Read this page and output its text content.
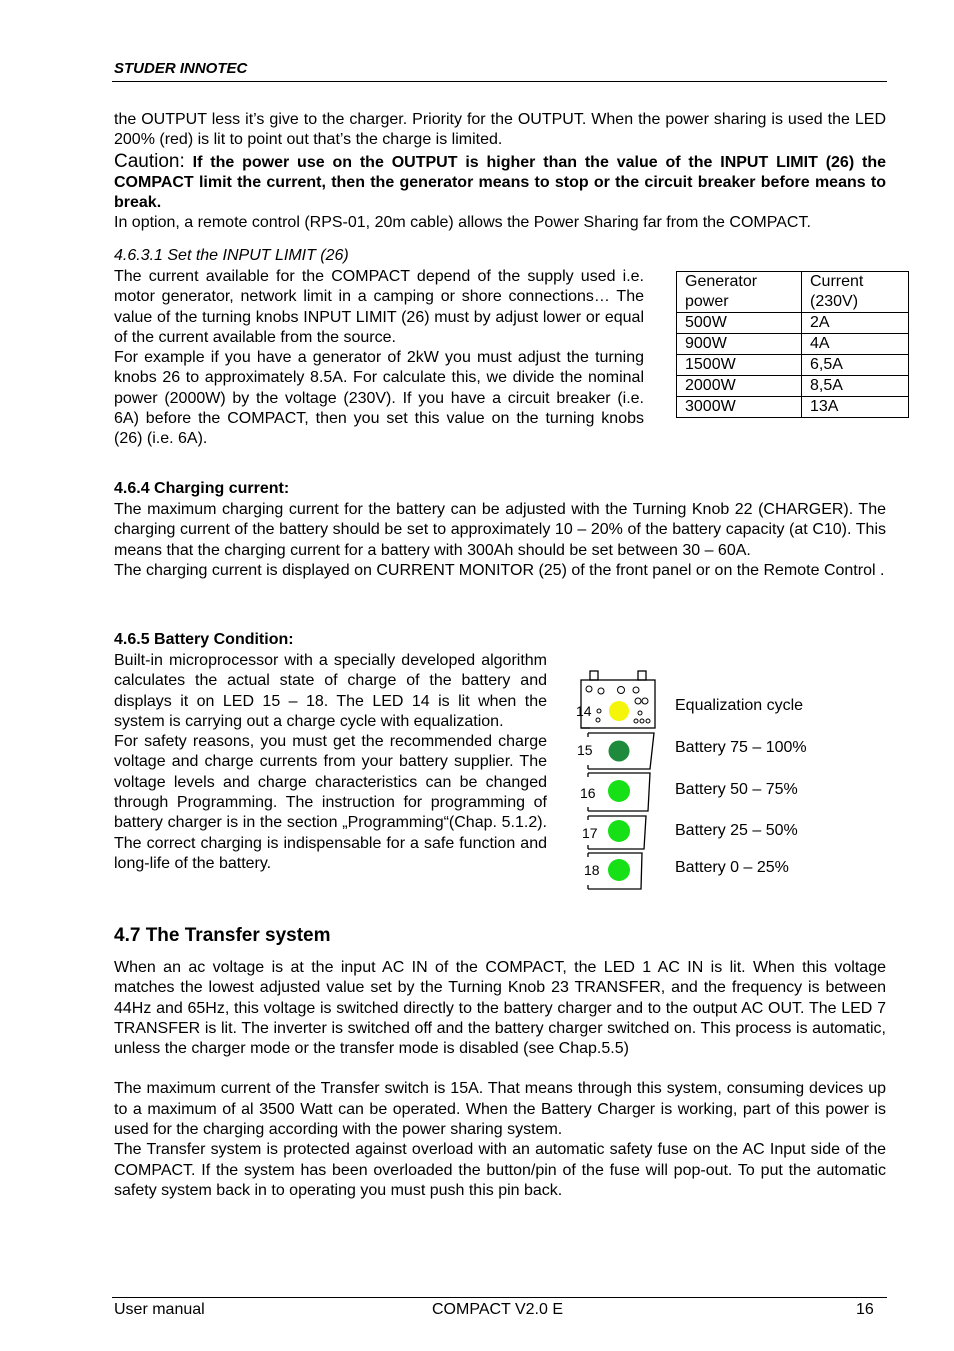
STUDER INNOTEC

the OUTPUT less it’s give to the charger. Priority for the OUTPUT. When the power sharing is used the LED 200% (red) is lit to point out that’s the charge is limited.

Caution: If the power use on the OUTPUT is higher than the value of the INPUT LIMIT (26) the COMPACT limit the current, then the generator means to stop or the circuit breaker before means to break.

In option, a remote control (RPS-01, 20m cable) allows the Power Sharing far from the COMPACT.

4.6.3.1 Set the INPUT LIMIT (26)

The current available for the COMPACT depend of the supply used i.e. motor generator, network limit in a camping or shore connections… The value of the turning knobs INPUT LIMIT (26) must by adjust lower or equal of the current available from the source.

For example if you have a generator of 2kW you must adjust the turning knobs 26 to approximately 8.5A. For calculate this, we divide the nominal power (2000W) by the voltage (230V). If you have a circuit breaker (i.e. 6A) before the COMPACT, then you set this value on the turning knobs (26) (i.e. 6A).

Generator power	Current (230V)
500W	2A
900W	4A
1500W	6,5A
2000W	8,5A
3000W	13A
4.6.4 Charging current:

The maximum charging current for the battery can be adjusted with the Turning Knob 22 (CHARGER). The charging current of the battery should be set to approximately 10 – 20% of the battery capacity (at C10). This means that the charging current for a battery with 300Ah should be set between 30 – 60A.

The charging current is displayed on CURRENT MONITOR (25) of the front panel or on the Remote Control .

4.6.5 Battery Condition:

Built-in microprocessor with a specially developed algorithm calculates the actual state of charge of the battery and displays it on LED 15 – 18. The LED 14 is lit when the system is carrying out a charge cycle with equalization.

For safety reasons, you must get the recommended charge voltage and charge currents from your battery supplier. The voltage levels and charge characteristics can be changed through Programming. The instruction for programming of battery charger is in the section „Programming“(Chap. 5.1.2). The correct charging is indispensable for a safe function and long-life of the battery.

14
15
16
17
18
Equalization cycle
Battery 75 – 100%
Battery 50 – 75%
Battery 25 – 50%
Battery 0 – 25%
4.7 The Transfer system

When an ac voltage is at the input AC IN of the COMPACT, the LED 1 AC IN is lit. When this voltage matches the lowest adjusted value set by the Turning Knob 23 TRANSFER, and the frequency is between 44Hz and 65Hz, this voltage is switched directly to the battery charger and to the output AC OUT. The LED 7 TRANSFER is lit. The inverter is switched off and the battery charger switched on. This process is automatic, unless the charger mode or the transfer mode is disabled (see Chap.5.5)

The maximum current of the Transfer switch is 15A. That means through this system, consuming devices up to a maximum of al 3500 Watt can be operated. When the Battery Charger is working, part of this power is used for the charging according with the power sharing system.

The Transfer system is protected against overload with an automatic safety fuse on the AC Input side of the COMPACT. If the system has been overloaded the button/pin of the fuse will pop-out. To put the automatic safety system back in to operating you must push this pin back.

User manual	COMPACT V2.0 E	16
